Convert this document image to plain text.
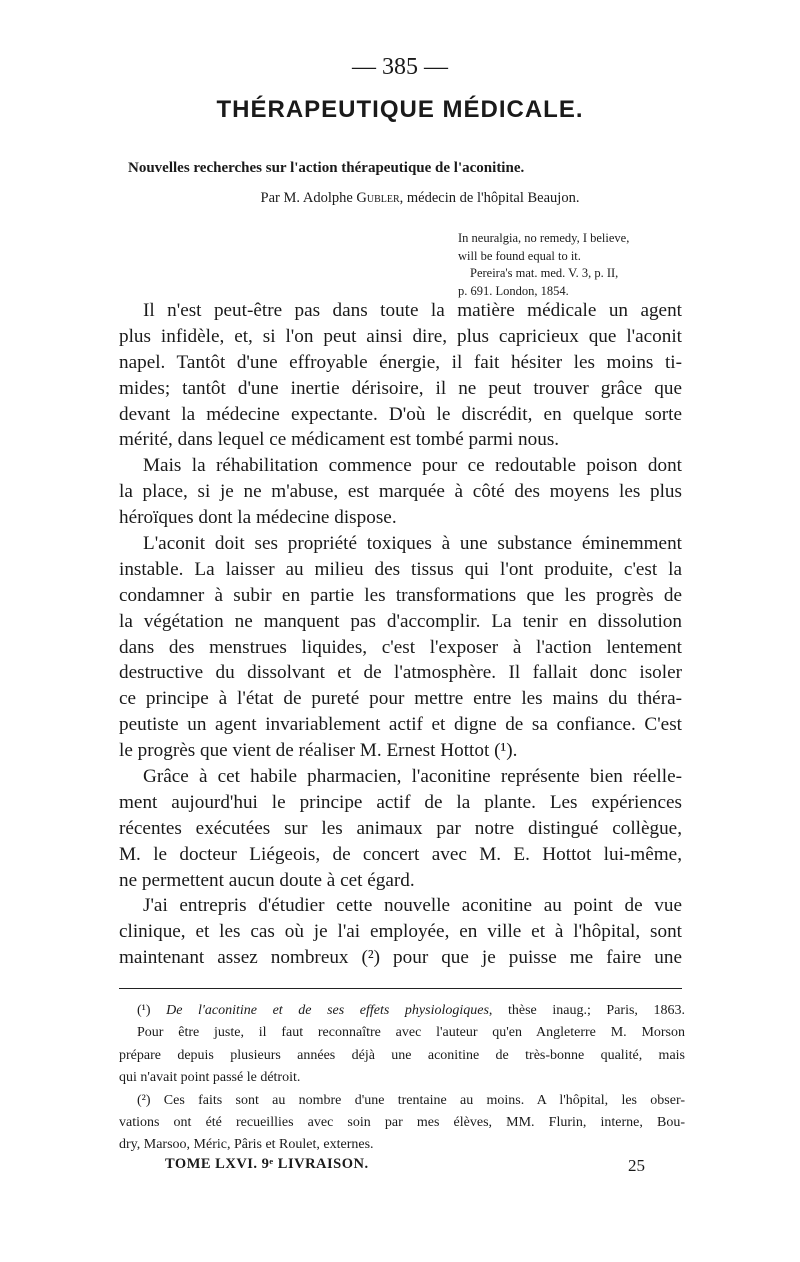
— 385 —
THÉRAPEUTIQUE MÉDICALE.
Nouvelles recherches sur l'action thérapeutique de l'aconitine.
Par M. Adolphe Gubler, médecin de l'hôpital Beaujon.
In neuralgia, no remedy, I believe,
will be found equal to it.
Pereira's mat. med. V. 3, p. II,
p. 691. London, 1854.
Il n'est peut-être pas dans toute la matière médicale un agent
plus infidèle, et, si l'on peut ainsi dire, plus capricieux que l'aconit
napel. Tantôt d'une effroyable énergie, il fait hésiter les moins ti-
mides; tantôt d'une inertie dérisoire, il ne peut trouver grâce que
devant la médecine expectante. D'où le discrédit, en quelque sorte
mérité, dans lequel ce médicament est tombé parmi nous.
Mais la réhabilitation commence pour ce redoutable poison dont
la place, si je ne m'abuse, est marquée à côté des moyens les plus
héroïques dont la médecine dispose.
L'aconit doit ses propriété toxiques à une substance éminemment
instable. La laisser au milieu des tissus qui l'ont produite, c'est la
condamner à subir en partie les transformations que les progrès de
la végétation ne manquent pas d'accomplir. La tenir en dissolution
dans des menstrues liquides, c'est l'exposer à l'action lentement
destructive du dissolvant et de l'atmosphère. Il fallait donc isoler
ce principe à l'état de pureté pour mettre entre les mains du théra-
peutiste un agent invariablement actif et digne de sa confiance. C'est
le progrès que vient de réaliser M. Ernest Hottot (¹).
Grâce à cet habile pharmacien, l'aconitine représente bien réelle-
ment aujourd'hui le principe actif de la plante. Les expériences
récentes exécutées sur les animaux par notre distingué collègue,
M. le docteur Liégeois, de concert avec M. E. Hottot lui-même,
ne permettent aucun doute à cet égard.
J'ai entrepris d'étudier cette nouvelle aconitine au point de vue
clinique, et les cas où je l'ai employée, en ville et à l'hôpital, sont
maintenant assez nombreux (²) pour que je puisse me faire une
(¹) De l'aconitine et de ses effets physiologiques, thèse inaug.; Paris, 1863.
Pour être juste, il faut reconnaître avec l'auteur qu'en Angleterre M. Morson
prépare depuis plusieurs années déjà une aconitine de très-bonne qualité, mais
qui n'avait point passé le détroit.
(²) Ces faits sont au nombre d'une trentaine au moins. A l'hôpital, les obser-
vations ont été recueillies avec soin par mes élèves, MM. Flurin, interne, Bou-
dry, Marsoo, Méric, Pâris et Roulet, externes.
TOME LXVI. 9ᵉ LIVRAISON.	25
